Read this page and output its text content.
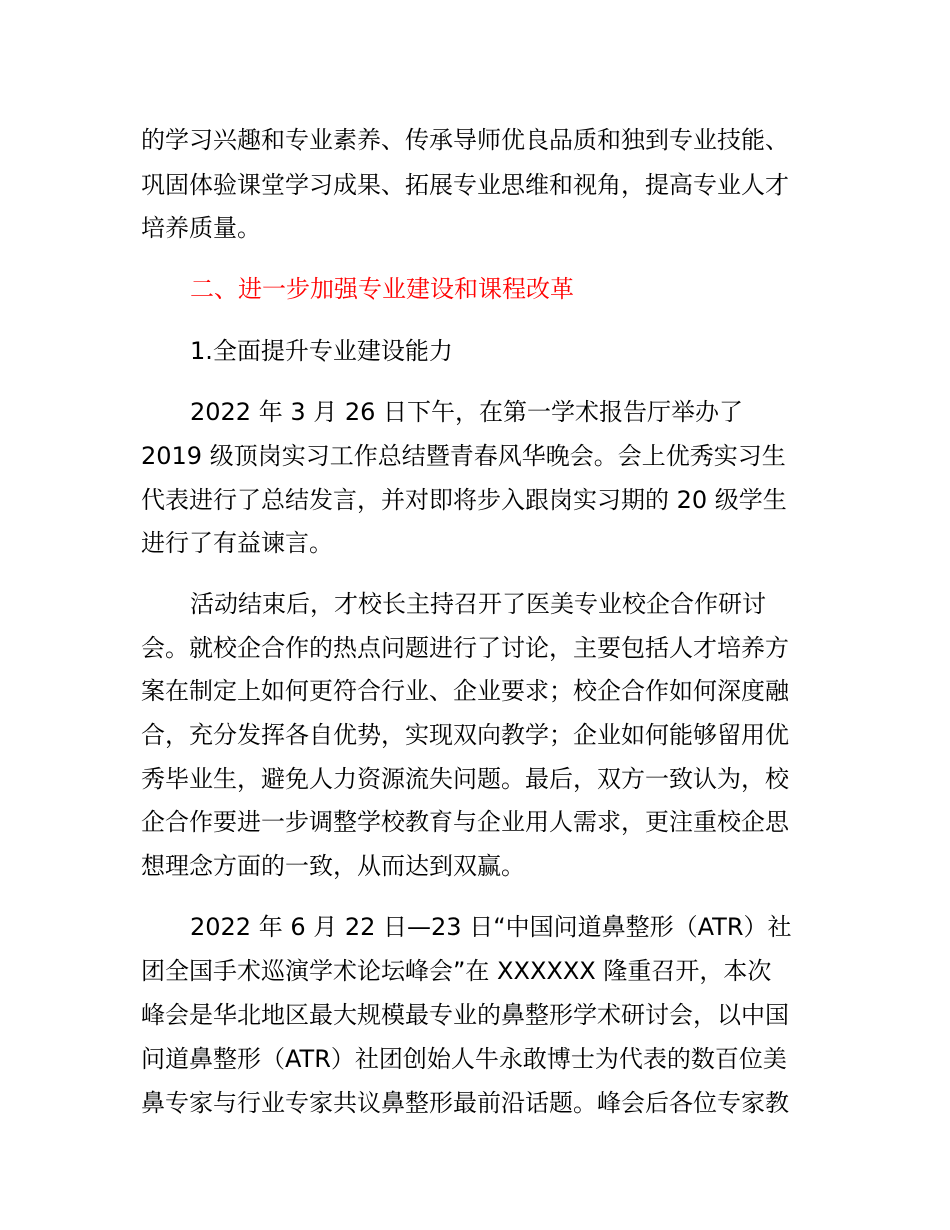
的学习兴趣和专业素养、传承导师优良品质和独到专业技能、

巩固体验课堂学习成果、拓展专业思维和视角，提高专业人才

培养质量。

二、进一步加强专业建设和课程改革

1.全面提升专业建设能力

2022 年 3 月 26 日下午，在第一学术报告厅举办了

2019 级顶岗实习工作总结暨青春风华晚会。会上优秀实习生

代表进行了总结发言，并对即将步入跟岗实习期的 20 级学生

进行了有益谏言。

活动结束后，才校长主持召开了医美专业校企合作研讨

会。就校企合作的热点问题进行了讨论，主要包括人才培养方

案在制定上如何更符合行业、企业要求；校企合作如何深度融

合，充分发挥各自优势，实现双向教学；企业如何能够留用优

秀毕业生，避免人力资源流失问题。最后，双方一致认为，校

企合作要进一步调整学校教育与企业用人需求，更注重校企思

想理念方面的一致，从而达到双赢。

2022 年 6 月 22 日—23 日“中国问道鼻整形（ATR）社

团全国手术巡演学术论坛峰会”在 XXXXXX 隆重召开，本次

峰会是华北地区最大规模最专业的鼻整形学术研讨会，以中国

问道鼻整形（ATR）社团创始人牛永敢博士为代表的数百位美

鼻专家与行业专家共议鼻整形最前沿话题。峰会后各位专家教
